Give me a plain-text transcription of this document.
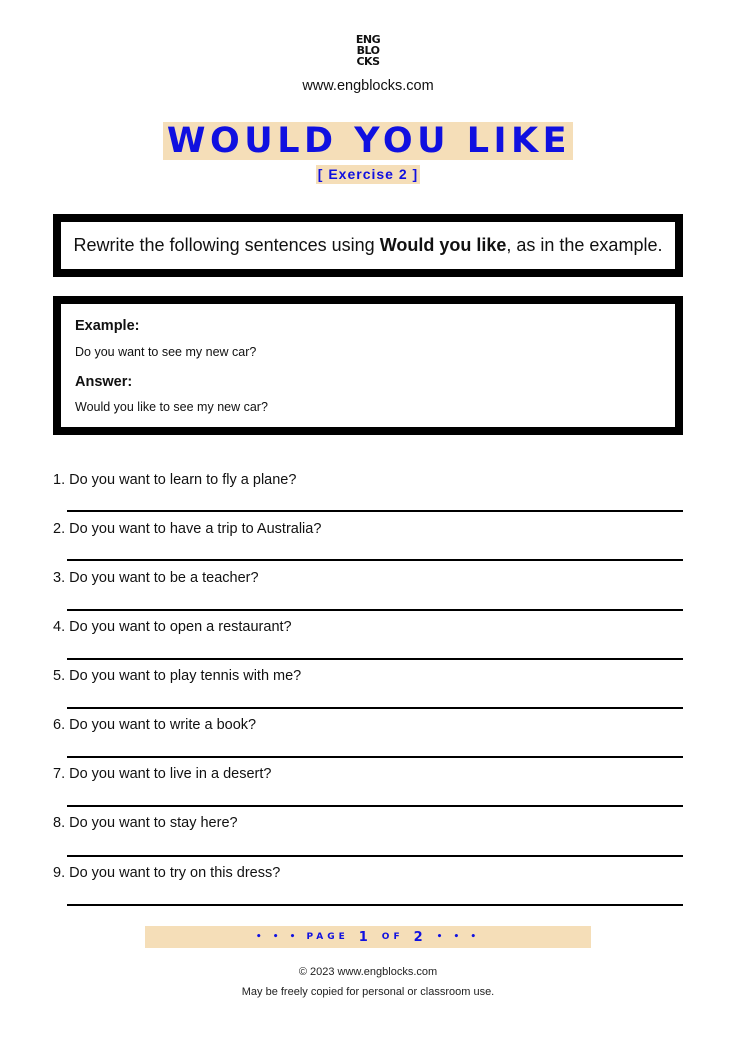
ENG
BLO
CKS
www.engblocks.com
WOULD YOU LIKE
[ Exercise 2 ]
Rewrite the following sentences using Would you like, as in the example.
Example:
Do you want to see my new car?
Answer:
Would you like to see my new car?
1. Do you want to learn to fly a plane?
2. Do you want to have a trip to Australia?
3. Do you want to be a teacher?
4. Do you want to open a restaurant?
5. Do you want to play tennis with me?
6. Do you want to write a book?
7. Do you want to live in a desert?
8. Do you want to stay here?
9. Do you want to try on this dress?
• • • PAGE 1 OF 2 • • •
© 2023 www.engblocks.com
May be freely copied for personal or classroom use.
